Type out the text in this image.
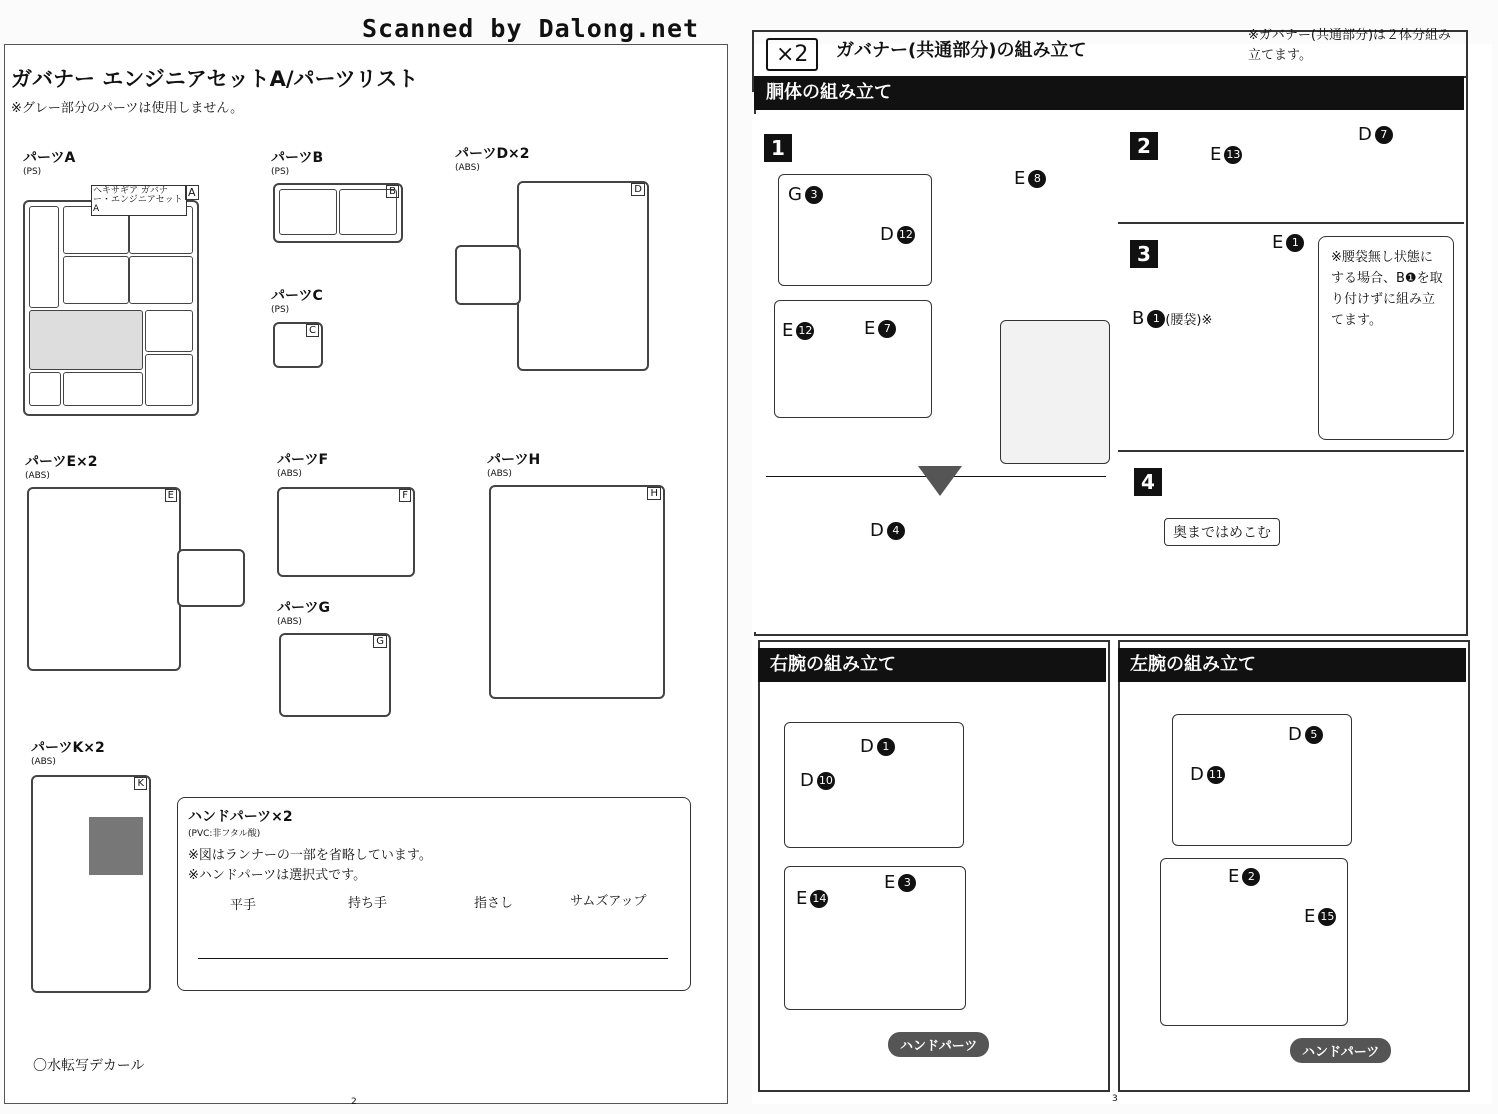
Scanned by Dalong.net
ガバナー エンジニアセットA/パーツリスト
※グレー部分のパーツは使用しません。
パーツA
(PS)
ヘキサギア ガバナー・エンジニアセットA
A
パーツB
(PS)
B
パーツC
(PS)
C
パーツD×2
(ABS)
D
パーツE×2
(ABS)
E
パーツF
(ABS)
F
パーツG
(ABS)
G
パーツH
(ABS)
H
パーツK×2
(ABS)
K
ハンドパーツ×2
(PVC:非フタル酸)
※図はランナーの一部を省略しています。
※ハンドパーツは選択式です。
平手	持ち手	指さし	サムズアップ
〇水転写デカール
2
×2	ガバナー(共通部分)の組み立て
※ガバナー(共通部分)は２体分組み立てます。
胴体の組み立て
1
G 3
D 12
E 12	E 7
E 8
D 4
2	E 13
D 7
3	E 1
B 1 (腰袋)※
※腰袋無し状態にする場合、B❶を取り付けずに組み立てます。
4
奥まではめこむ
右腕の組み立て
D 1
D 10
E 3
E 14
ハンドパーツ
左腕の組み立て
D 5
D 11
E 2
E 15
ハンドパーツ
3
